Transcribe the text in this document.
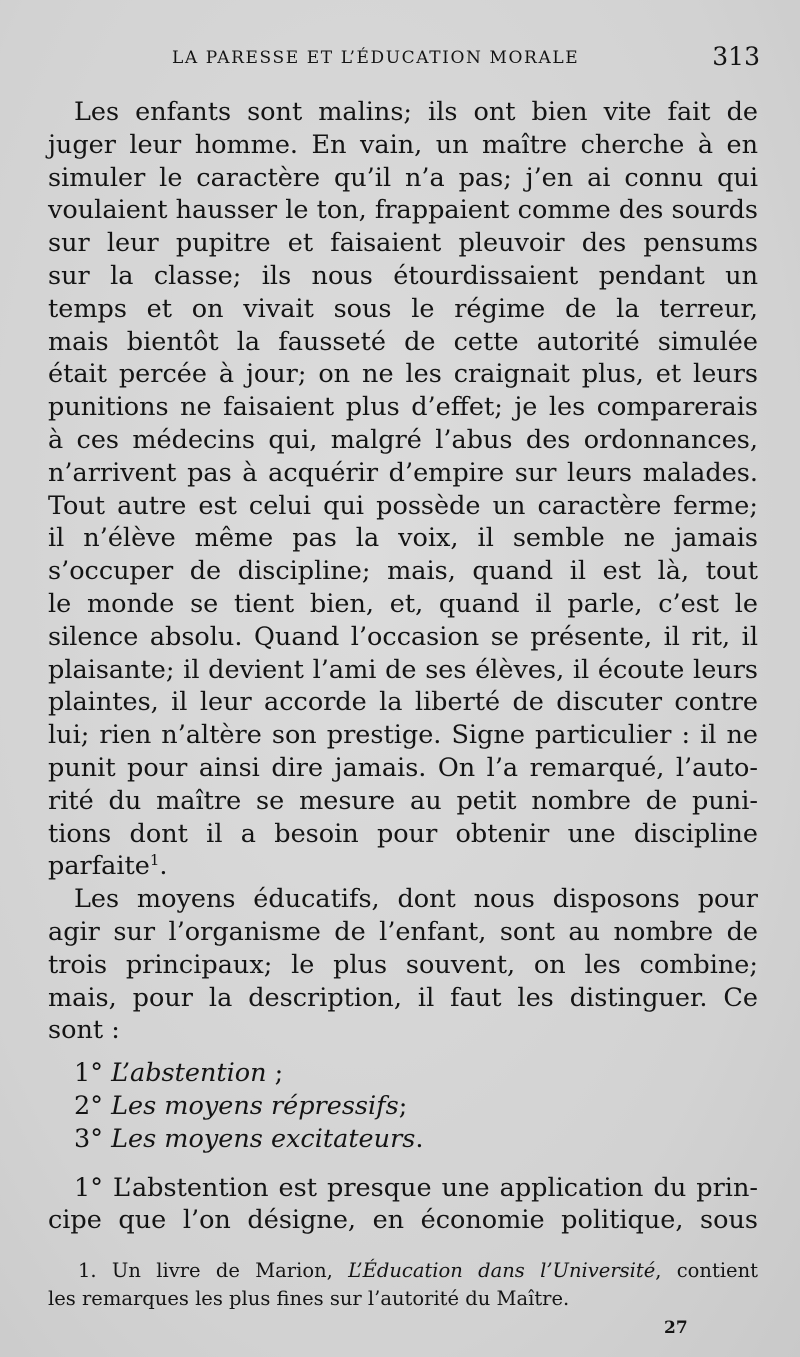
LA PARESSE ET L’ÉDUCATION MORALE	313
Les enfants sont malins; ils ont bien vite fait de
juger leur homme. En vain, un maître cherche à en
simuler le caractère qu’il n’a pas; j’en ai connu qui
voulaient hausser le ton, frappaient comme des sourds
sur leur pupitre et faisaient pleuvoir des pensums
sur la classe; ils nous étourdissaient pendant un
temps et on vivait sous le régime de la terreur,
mais bientôt la fausseté de cette autorité simulée
était percée à jour; on ne les craignait plus, et leurs
punitions ne faisaient plus d’effet; je les comparerais
à ces médecins qui, malgré l’abus des ordonnances,
n’arrivent pas à acquérir d’empire sur leurs malades.
Tout autre est celui qui possède un caractère ferme;
il n’élève même pas la voix, il semble ne jamais
s’occuper de discipline; mais, quand il est là, tout
le monde se tient bien, et, quand il parle, c’est le
silence absolu. Quand l’occasion se présente, il rit, il
plaisante; il devient l’ami de ses élèves, il écoute leurs
plaintes, il leur accorde la liberté de discuter contre
lui; rien n’altère son prestige. Signe particulier : il ne
punit pour ainsi dire jamais. On l’a remarqué, l’auto-
rité du maître se mesure au petit nombre de puni-
tions dont il a besoin pour obtenir une discipline
parfaite$^1$.
Les moyens éducatifs, dont nous disposons pour
agir sur l’organisme de l’enfant, sont au nombre de
trois principaux; le plus souvent, on les combine;
mais, pour la description, il faut les distinguer. Ce
sont :
1° L’abstention ;
2° Les moyens répressifs;
3° Les moyens excitateurs.
1° L’abstention est presque une application du prin-
cipe que l’on désigne, en économie politique, sous
1. Un livre de Marion, L’Éducation dans l’Université, contient
les remarques les plus fines sur l’autorité du Maître.
27
